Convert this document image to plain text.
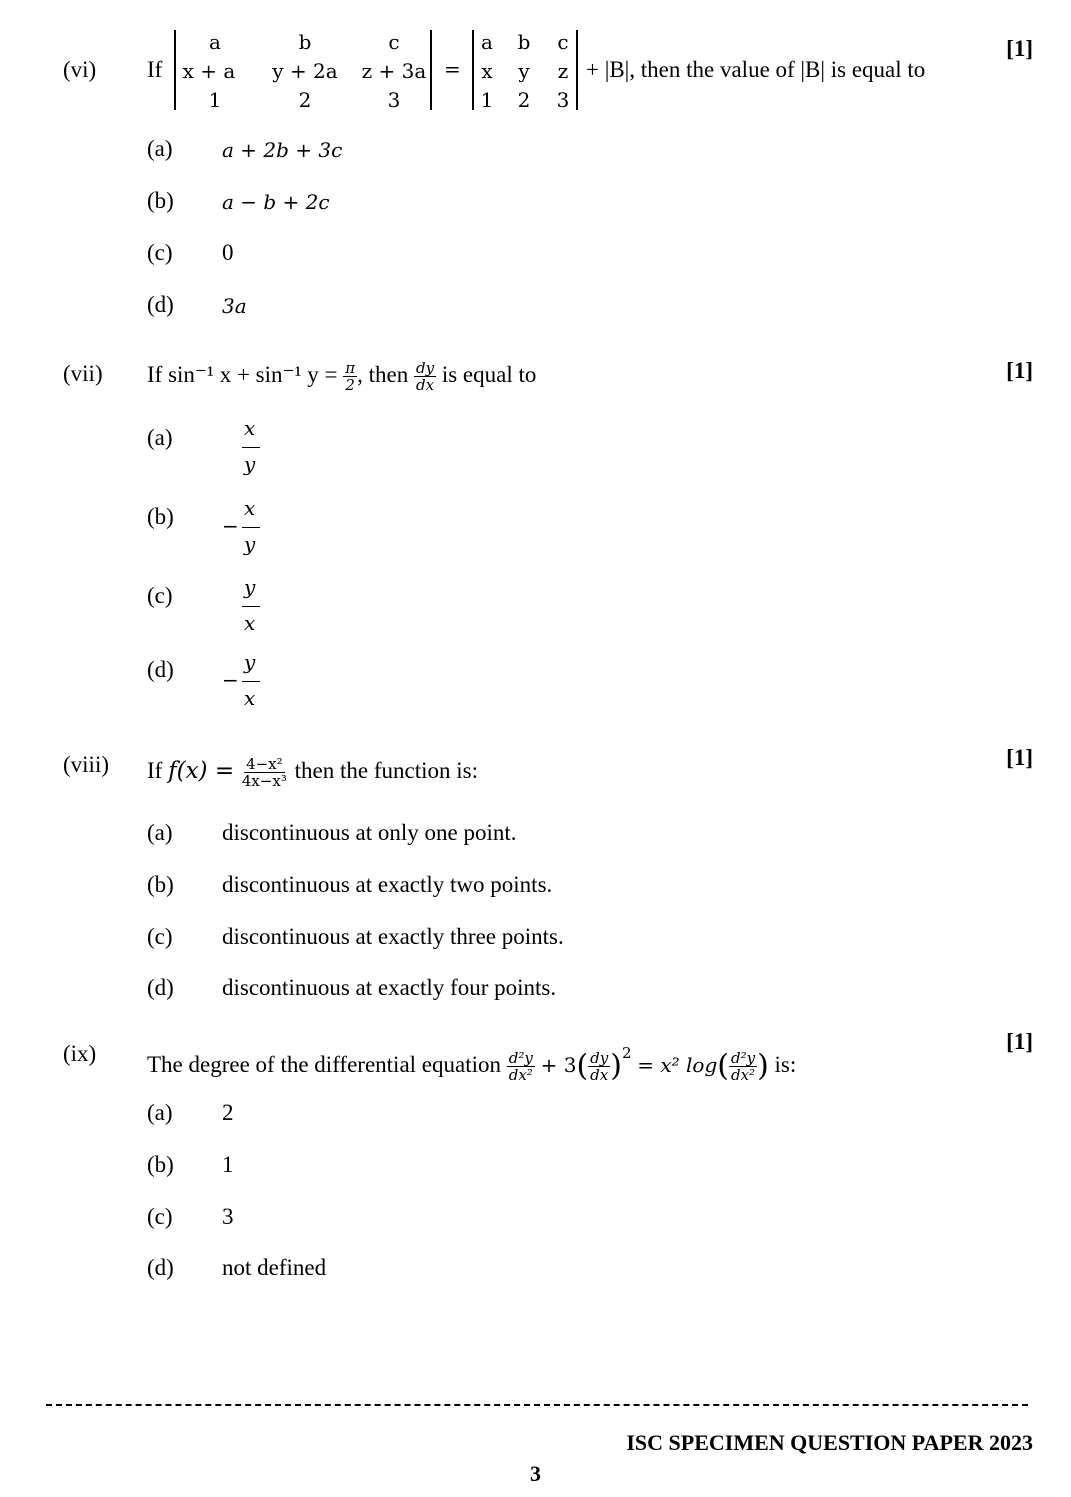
(vi)
[1]
If
a	b	c
x + a	y + 2a	z + 3a
1	2	3
=
a b c
x y z
1 2 3
+ |B|, then the value of |B| is equal to
(a) a + 2b + 3c
(b) a − b + 2c
(c) 0
(d) 3a
(vii)	[1]
If sin⁻¹ x + sin⁻¹ $y = \frac{\pi}{2}$ , then $\frac{dy}{dx}$ is equal to
(a)	x
y
(b) −
x
y
(c)	y
x
(d) −
y
x
(viii)	[1]
If $f(x) = \frac{\text{4−x²}}{\text{4x−x³}}$ then the function is:
(a) discontinuous at only one point.
(b) discontinuous at exactly two points.
(c) discontinuous at exactly three points.
(d) discontinuous at exactly four points.
(ix)	[1]
The degree of the differential equation $\frac{\text{d²y}}{\text{dx²}} + 3( \frac{dy}{dx} )^2 = x^2$ $\log( \frac{\text{d²y}}{\text{dx²}}$ ) is:
(a) 2
(b) 1
(c) 3
(d) not defined
ISC SPECIMEN QUESTION PAPER 2023
3
